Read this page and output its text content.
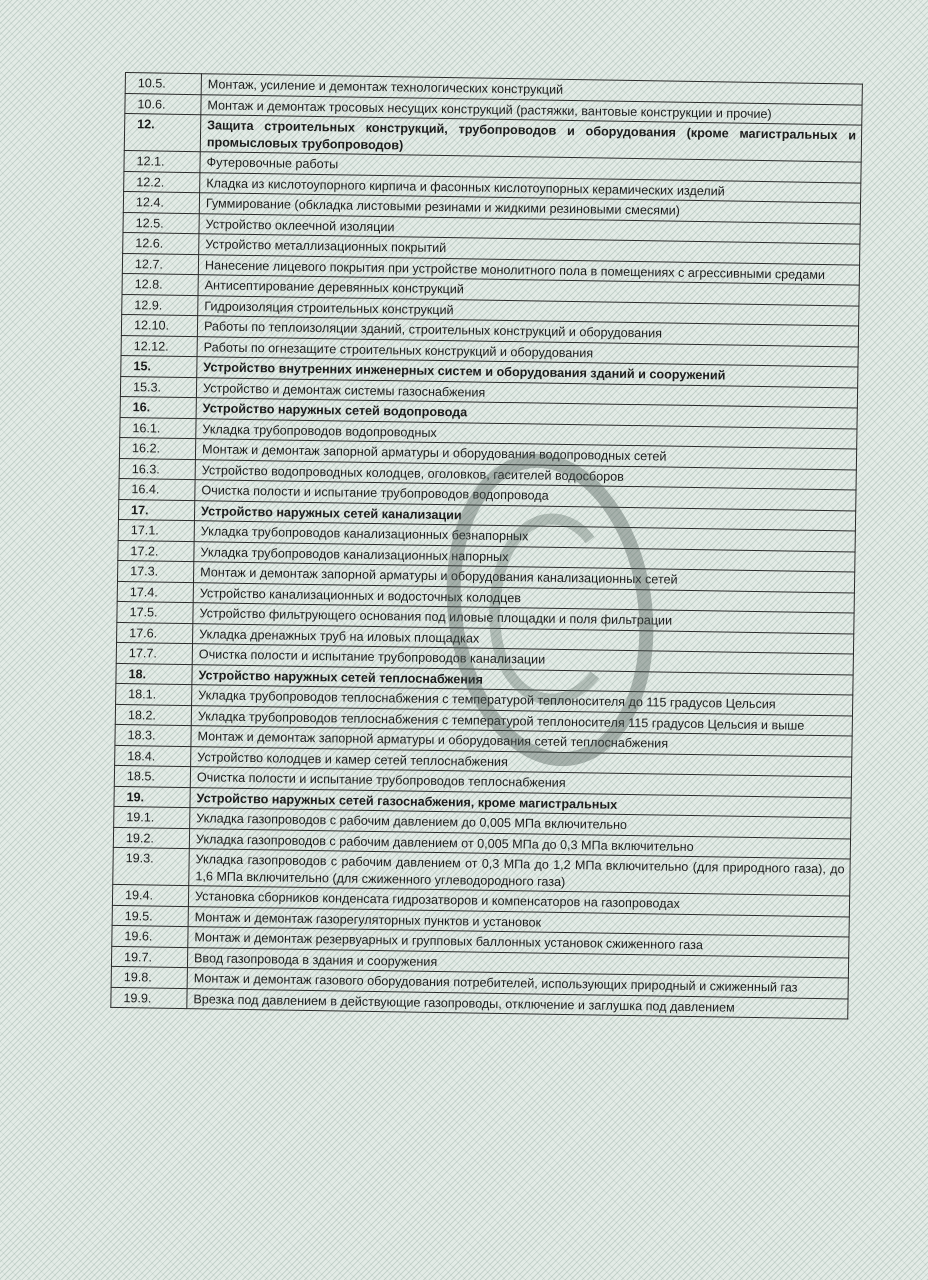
10.5.	Монтаж, усиление и демонтаж технологических конструкций
10.6.	Монтаж и демонтаж тросовых несущих конструкций (растяжки, вантовые конструкции и прочие)
12.	Защита строительных конструкций, трубопроводов и оборудования (кроме магистральных и промысловых трубопроводов)
12.1.	Футеровочные работы
12.2.	Кладка из кислотоупорного кирпича и фасонных кислотоупорных керамических изделий
12.4.	Гуммирование (обкладка листовыми резинами и жидкими резиновыми смесями)
12.5.	Устройство оклеечной изоляции
12.6.	Устройство металлизационных покрытий
12.7.	Нанесение лицевого покрытия при устройстве монолитного пола в помещениях с агрессивными средами
12.8.	Антисептирование деревянных конструкций
12.9.	Гидроизоляция строительных конструкций
12.10.	Работы по теплоизоляции зданий, строительных конструкций и оборудования
12.12.	Работы по огнезащите строительных конструкций и оборудования
15.	Устройство внутренних инженерных систем и оборудования зданий и сооружений
15.3.	Устройство и демонтаж системы газоснабжения
16.	Устройство наружных сетей водопровода
16.1.	Укладка трубопроводов водопроводных
16.2.	Монтаж и демонтаж запорной арматуры и оборудования водопроводных сетей
16.3.	Устройство водопроводных колодцев, оголовков, гасителей водосборов
16.4.	Очистка полости и испытание трубопроводов водопровода
17.	Устройство наружных сетей канализации
17.1.	Укладка трубопроводов канализационных безнапорных
17.2.	Укладка трубопроводов канализационных напорных
17.3.	Монтаж и демонтаж запорной арматуры и оборудования канализационных сетей
17.4.	Устройство канализационных и водосточных колодцев
17.5.	Устройство фильтрующего основания под иловые площадки и поля фильтрации
17.6.	Укладка дренажных труб на иловых площадках
17.7.	Очистка полости и испытание трубопроводов канализации
18.	Устройство наружных сетей теплоснабжения
18.1.	Укладка трубопроводов теплоснабжения с температурой теплоносителя до 115 градусов Цельсия
18.2.	Укладка трубопроводов теплоснабжения с температурой теплоносителя 115 градусов Цельсия и выше
18.3.	Монтаж и демонтаж запорной арматуры и оборудования сетей теплоснабжения
18.4.	Устройство колодцев и камер сетей теплоснабжения
18.5.	Очистка полости и испытание трубопроводов теплоснабжения
19.	Устройство наружных сетей газоснабжения, кроме магистральных
19.1.	Укладка газопроводов с рабочим давлением до 0,005 МПа включительно
19.2.	Укладка газопроводов с рабочим давлением от 0,005 МПа до 0,3 МПа включительно
19.3.	Укладка газопроводов с рабочим давлением от 0,3 МПа до 1,2 МПа включительно (для природного газа), до 1,6 МПа включительно (для сжиженного углеводородного газа)
19.4.	Установка сборников конденсата гидрозатворов и компенсаторов на газопроводах
19.5.	Монтаж и демонтаж газорегуляторных пунктов и установок
19.6.	Монтаж и демонтаж резервуарных и групповых баллонных установок сжиженного газа
19.7.	Ввод газопровода в здания и сооружения
19.8.	Монтаж и демонтаж газового оборудования потребителей, использующих природный и сжиженный газ
19.9.	Врезка под давлением в действующие газопроводы, отключение и заглушка под давлением
